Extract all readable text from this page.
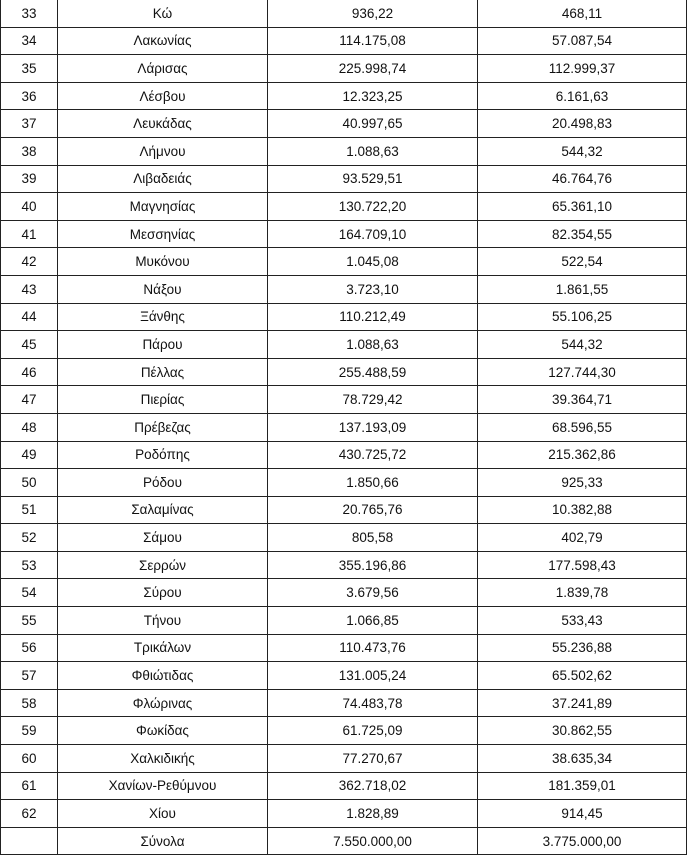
33	Κώ	936,22	468,11
34	Λακωνίας	114.175,08	57.087,54
35	Λάρισας	225.998,74	112.999,37
36	Λέσβου	12.323,25	6.161,63
37	Λευκάδας	40.997,65	20.498,83
38	Λήμνου	1.088,63	544,32
39	Λιβαδειάς	93.529,51	46.764,76
40	Μαγνησίας	130.722,20	65.361,10
41	Μεσσηνίας	164.709,10	82.354,55
42	Μυκόνου	1.045,08	522,54
43	Νάξου	3.723,10	1.861,55
44	Ξάνθης	110.212,49	55.106,25
45	Πάρου	1.088,63	544,32
46	Πέλλας	255.488,59	127.744,30
47	Πιερίας	78.729,42	39.364,71
48	Πρέβεζας	137.193,09	68.596,55
49	Ροδόπης	430.725,72	215.362,86
50	Ρόδου	1.850,66	925,33
51	Σαλαμίνας	20.765,76	10.382,88
52	Σάμου	805,58	402,79
53	Σερρών	355.196,86	177.598,43
54	Σύρου	3.679,56	1.839,78
55	Τήνου	1.066,85	533,43
56	Τρικάλων	110.473,76	55.236,88
57	Φθιώτιδας	131.005,24	65.502,62
58	Φλώρινας	74.483,78	37.241,89
59	Φωκίδας	61.725,09	30.862,55
60	Χαλκιδικής	77.270,67	38.635,34
61	Χανίων-Ρεθύμνου	362.718,02	181.359,01
62	Χίου	1.828,89	914,45
	Σύνολα	7.550.000,00	3.775.000,00
